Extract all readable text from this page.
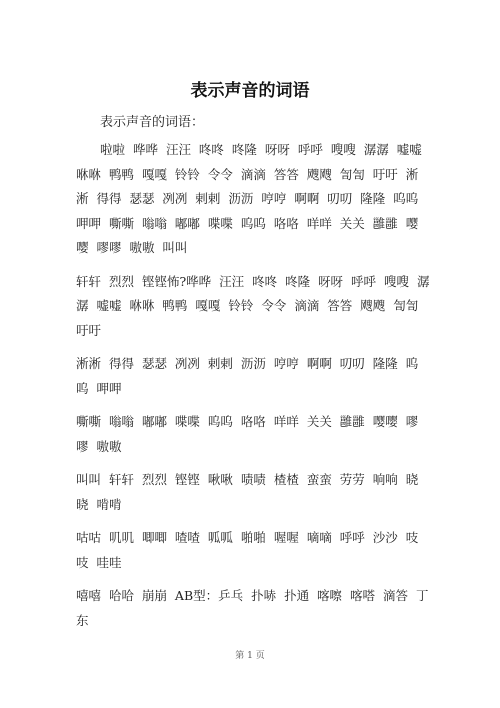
表示声音的词语

表示声音的词语：

啦啦 哗哗 汪汪 咚咚 咚隆 呀呀 呼呼 嗖嗖 潺潺 嘘嘘 咻咻 鸭鸭 嘎嘎 铃铃 令令 滴滴 答答 飕飕 訇訇 吁吁 淅淅 得得 瑟瑟 冽冽 剌剌 沥沥 哼哼 啊啊 叨叨 隆隆 呜呜 呷呷 嘶嘶 嗡嗡 嘟嘟 喋喋 呜呜 咯咯 咩咩 关关 雝雝 嘤嘤 嘐嘐 嗷嗷 叫叫

轩轩 烈烈 铿铿怖?哗哗 汪汪 咚咚 咚隆 呀呀 呼呼 嗖嗖 潺潺 嘘嘘 咻咻 鸭鸭 嘎嘎 铃铃 令令 滴滴 答答 飕飕 訇訇 吁吁

淅淅 得得 瑟瑟 冽冽 剌剌 沥沥 哼哼 啊啊 叨叨 隆隆 呜呜 呷呷

嘶嘶 嗡嗡 嘟嘟 喋喋 呜呜 咯咯 咩咩 关关 雝雝 嘤嘤 嘐嘐 嗷嗷

叫叫 轩轩 烈烈 铿铿 啾啾 啧啧 楂楂 蛮蛮 劳劳 响响 晓晓 啃啃

咕咕 叽叽 唧唧 喳喳 呱呱 啪啪 喔喔 嘀嘀 呼呼 沙沙 吱吱 哇哇

嘻嘻 哈哈 崩崩 AB型：乒乓 扑哧 扑通 喀嚓 喀嗒 滴答 丁东

第 1 页
